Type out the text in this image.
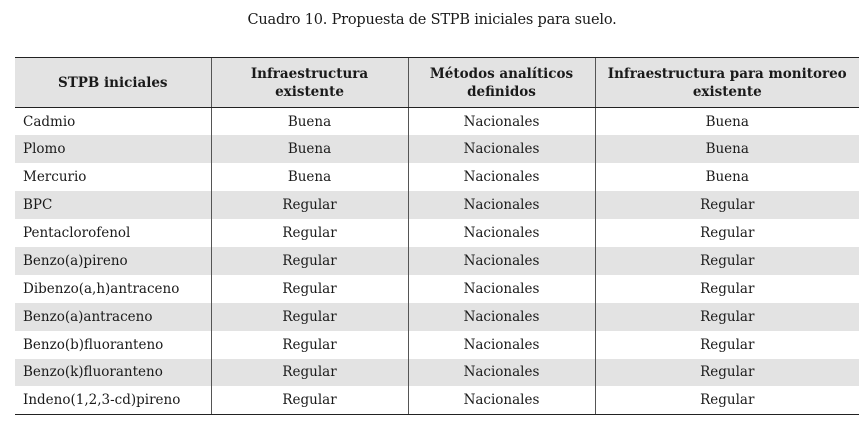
Cuadro 10. Propuesta de STPB iniciales para suelo.
STPB iniciales	Infraestructura existente	Métodos analíticos definidos	Infraestructura para monitoreo existente
Cadmio	Buena	Nacionales	Buena
Plomo	Buena	Nacionales	Buena
Mercurio	Buena	Nacionales	Buena
BPC	Regular	Nacionales	Regular
Pentaclorofenol	Regular	Nacionales	Regular
Benzo(a)pireno	Regular	Nacionales	Regular
Dibenzo(a,h)antraceno	Regular	Nacionales	Regular
Benzo(a)antraceno	Regular	Nacionales	Regular
Benzo(b)fluoranteno	Regular	Nacionales	Regular
Benzo(k)fluoranteno	Regular	Nacionales	Regular
Indeno(1,2,3-cd)pireno	Regular	Nacionales	Regular
